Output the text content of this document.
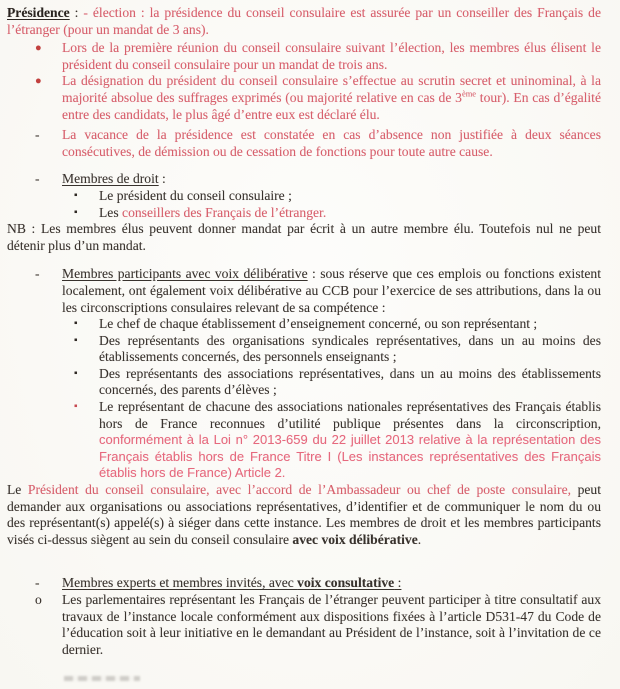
Présidence : - élection : la présidence du conseil consulaire est assurée par un conseiller des Français de l’étranger (pour un mandat de 3 ans).

●	Lors de la première réunion du conseil consulaire suivant l’élection, les membres élus élisent le président du conseil consulaire pour un mandat de trois ans.
●	La désignation du président du conseil consulaire s’effectue au scrutin secret et uninominal, à la majorité absolue des suffrages exprimés (ou majorité relative en cas de 3ème tour). En cas d’égalité entre des candidats, le plus âgé d’entre eux est déclaré élu.
-	La vacance de la présidence est constatée en cas d’absence non justifiée à deux séances consécutives, de démission ou de cessation de fonctions pour toute autre cause.
-	Membres de droit :
▪	Le président du conseil consulaire ;
▪	Les conseillers des Français de l’étranger.

NB : Les membres élus peuvent donner mandat par écrit à un autre membre élu. Toutefois nul ne peut détenir plus d’un mandat.

-	Membres participants avec voix délibérative : sous réserve que ces emplois ou fonctions existent localement, ont également voix délibérative au CCB pour l’exercice de ses attributions, dans la ou les circonscriptions consulaires relevant de sa compétence :
▪	Le chef de chaque établissement d’enseignement concerné, ou son représentant ;
▪	Des représentants des organisations syndicales représentatives, dans un au moins des établissements concernés, des personnels enseignants ;
▪	Des représentants des associations représentatives, dans un au moins des établissements concernés, des parents d’élèves ;
▪	Le représentant de chacune des associations nationales représentatives des Français établis hors de France reconnues d’utilité publique présentes dans la circonscription, conformément à la Loi n° 2013-659 du 22 juillet 2013 relative à la représentation des Français établis hors de France Titre I (Les instances représentatives des Français établis hors de France) Article 2.

Le Président du conseil consulaire, avec l’accord de l’Ambassadeur ou chef de poste consulaire, peut demander aux organisations ou associations représentatives, d’identifier et de communiquer le nom du ou des représentant(s) appelé(s) à siéger dans cette instance. Les membres de droit et les membres participants visés ci-dessus siègent au sein du conseil consulaire avec voix délibérative.

-	Membres experts et membres invités, avec voix consultative :
o	Les parlementaires représentant les Français de l’étranger peuvent participer à titre consultatif aux travaux de l’instance locale conformément aux dispositions fixées à l’article D531-47 du Code de l’éducation soit à leur initiative en le demandant au Président de l’instance, soit à l’invitation de ce dernier.
